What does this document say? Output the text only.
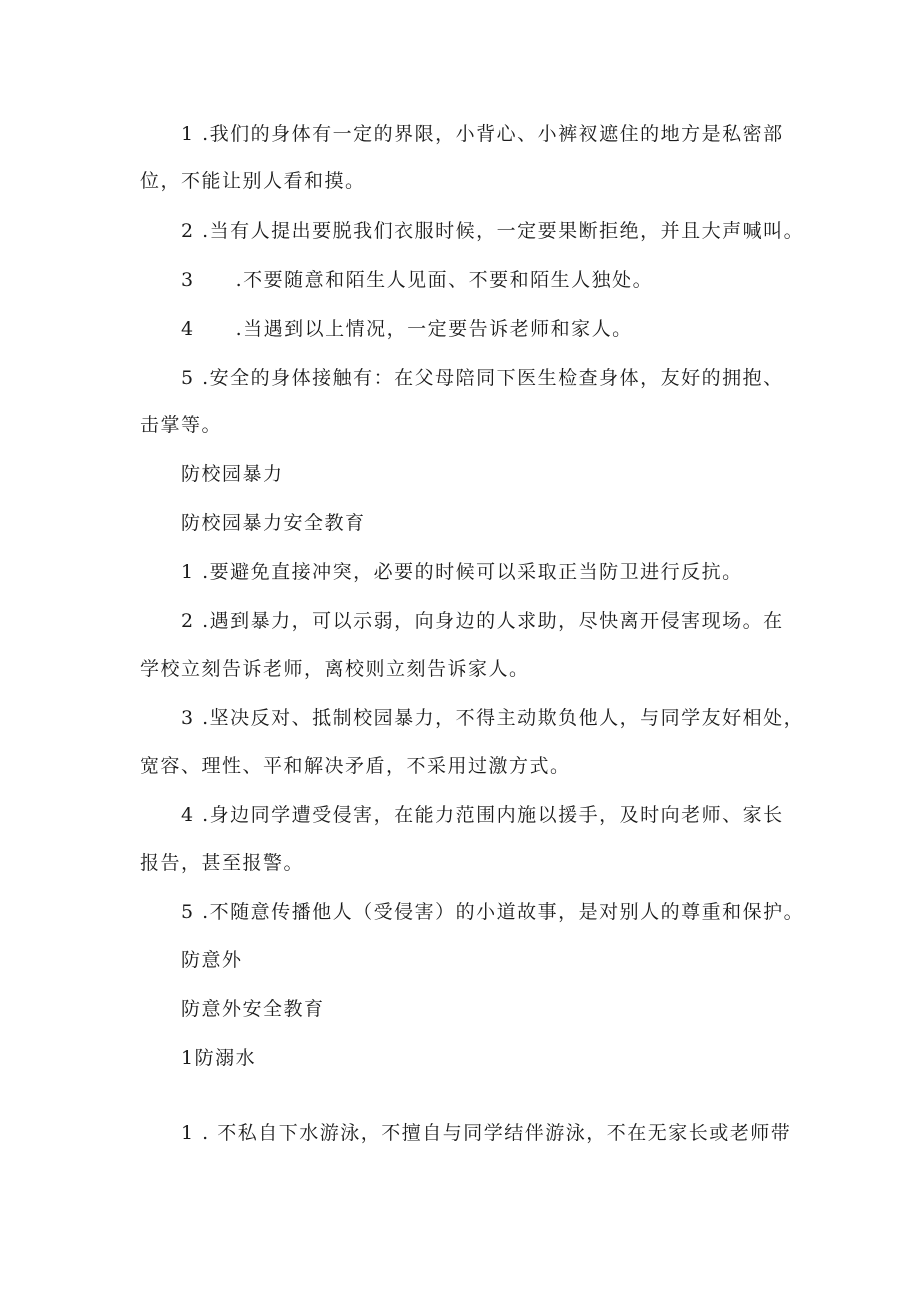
1 .我们的身体有一定的界限，小背心、小裤衩遮住的地方是私密部
位，不能让别人看和摸。
2 .当有人提出要脱我们衣服时候，一定要果断拒绝，并且大声喊叫。
3　　.不要随意和陌生人见面、不要和陌生人独处。
4　　.当遇到以上情况，一定要告诉老师和家人。
5 .安全的身体接触有：在父母陪同下医生检查身体，友好的拥抱、
击掌等。
防校园暴力
防校园暴力安全教育
1 .要避免直接冲突，必要的时候可以采取正当防卫进行反抗。
2 .遇到暴力，可以示弱，向身边的人求助，尽快离开侵害现场。在
学校立刻告诉老师，离校则立刻告诉家人。
3 .坚决反对、抵制校园暴力，不得主动欺负他人，与同学友好相处，
宽容、理性、平和解决矛盾，不采用过激方式。
4 .身边同学遭受侵害，在能力范围内施以援手，及时向老师、家长
报告，甚至报警。
5 .不随意传播他人（受侵害）的小道故事，是对别人的尊重和保护。
防意外
防意外安全教育
1防溺水
1 . 不私自下水游泳，不擅自与同学结伴游泳，不在无家长或老师带
